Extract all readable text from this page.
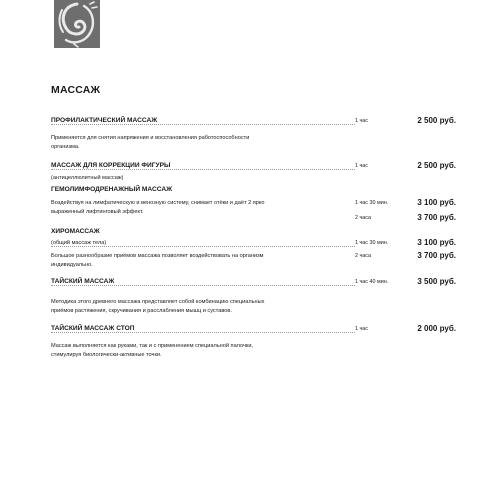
МАССАЖ
ПРОФИЛАКТИЧЕСКИЙ МАССАЖ	1 час	2 500 руб.
Применяется для снятия напряжения и восстановления работоспособности
организма.
МАССАЖ ДЛЯ КОРРЕКЦИИ ФИГУРЫ	1 час	2 500 руб.
(антицеллюлитный массаж)
ГЕМОЛИМФОДРЕНАЖНЫЙ МАССАЖ
Воздействуя на лимфатическую и венозную систему, снимает отёки и даёт 2 ярко	1 час 30 мин.	3 100 руб.
выраженный лифтинговый эффект.
2 часа	3 700 руб.
ХИРОМАССАЖ
(общий массаж тела)	1 час 30 мин.	3 100 руб.
Большое разнообразие приёмов массажа позволяет воздействовать на организм	2 часа	3 700 руб.
индивидуально.
ТАЙСКИЙ МАССАЖ	1 час 40 мин.	3 500 руб.
Методика этого древнего массажа представляет собой комбинацию специальных
приёмов растяжения, скручивания и расслабления мышц и суставов.
ТАЙСКИЙ МАССАЖ СТОП	1 час	2 000 руб.
Массаж выполняется как руками, так и с применением специальной палочки,
стимулируя биологически-активные точки.
